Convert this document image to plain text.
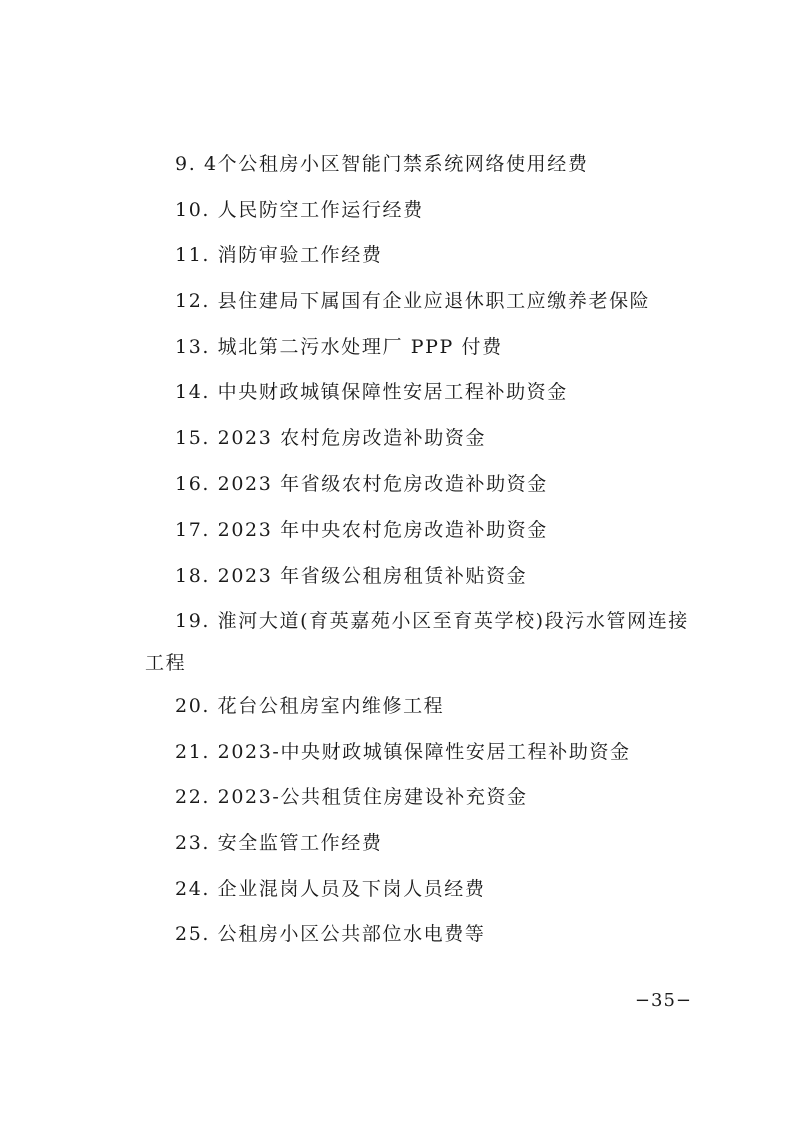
9. 4个公租房小区智能门禁系统网络使用经费
10. 人民防空工作运行经费
11. 消防审验工作经费
12. 县住建局下属国有企业应退休职工应缴养老保险
13. 城北第二污水处理厂 PPP 付费
14. 中央财政城镇保障性安居工程补助资金
15. 2023 农村危房改造补助资金
16. 2023 年省级农村危房改造补助资金
17. 2023 年中央农村危房改造补助资金
18. 2023 年省级公租房租赁补贴资金
19. 淮河大道(育英嘉苑小区至育英学校)段污水管网连接工程
20. 花台公租房室内维修工程
21. 2023-中央财政城镇保障性安居工程补助资金
22. 2023-公共租赁住房建设补充资金
23. 安全监管工作经费
24. 企业混岗人员及下岗人员经费
25. 公租房小区公共部位水电费等
−35−
